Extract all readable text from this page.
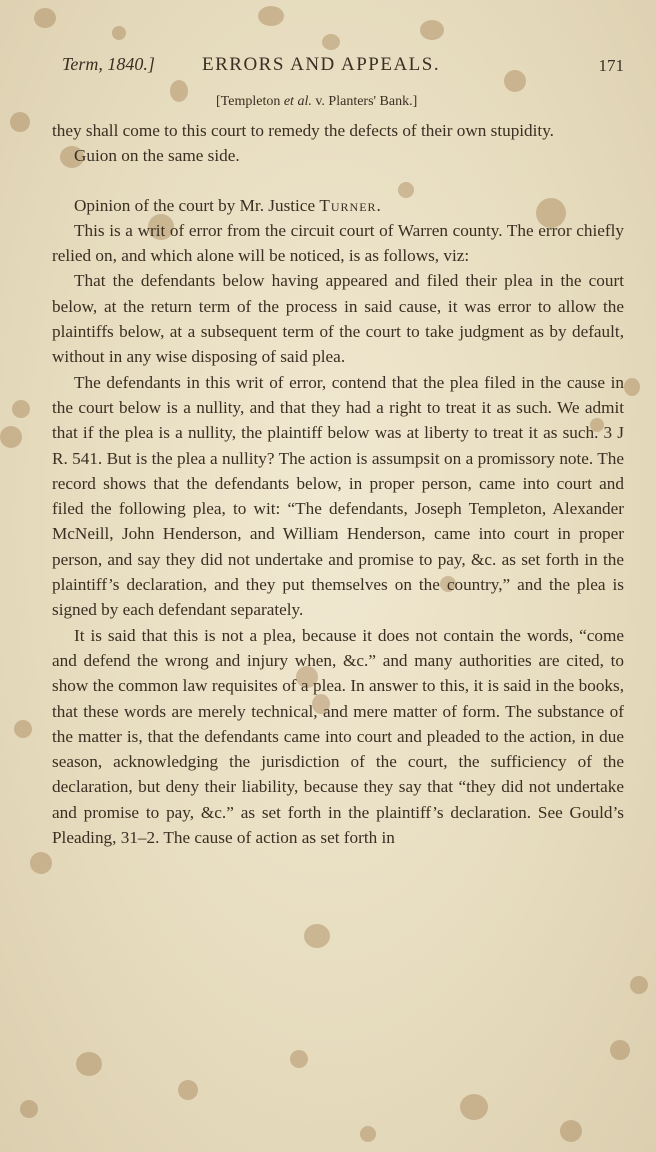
Term, 1840.] ERRORS AND APPEALS.	171
[Templeton et al. v. Planters' Bank.]

they shall come to this court to remedy the defects of their own stupidity.

Guion on the same side.

Opinion of the court by Mr. Justice Turner.

This is a writ of error from the circuit court of Warren county. The error chiefly relied on, and which alone will be noticed, is as follows, viz:

That the defendants below having appeared and filed their plea in the court below, at the return term of the process in said cause, it was error to allow the plaintiffs below, at a subsequent term of the court to take judgment as by default, without in any wise disposing of said plea.

The defendants in this writ of error, contend that the plea filed in the cause in the court below is a nullity, and that they had a right to treat it as such. We admit that if the plea is a nullity, the plaintiff below was at liberty to treat it as such. 3 J R. 541. But is the plea a nullity? The action is assumpsit on a promissory note. The record shows that the defendants below, in proper person, came into court and filed the following plea, to wit: “The defendants, Joseph Templeton, Alexander McNeill, John Henderson, and William Henderson, came into court in proper person, and say they did not undertake and promise to pay, &c. as set forth in the plaintiff’s declaration, and they put themselves on the country,” and the plea is signed by each defendant separately.

It is said that this is not a plea, because it does not contain the words, “come and defend the wrong and injury when, &c.” and many authorities are cited, to show the common law requisites of a plea. In answer to this, it is said in the books, that these words are merely technical, and mere matter of form. The substance of the matter is, that the defendants came into court and pleaded to the action, in due season, acknowledging the jurisdiction of the court, the sufficiency of the declaration, but deny their liability, because they say that “they did not undertake and promise to pay, &c.” as set forth in the plaintiff’s declaration. See Gould’s Pleading, 31–2. The cause of action as set forth in
